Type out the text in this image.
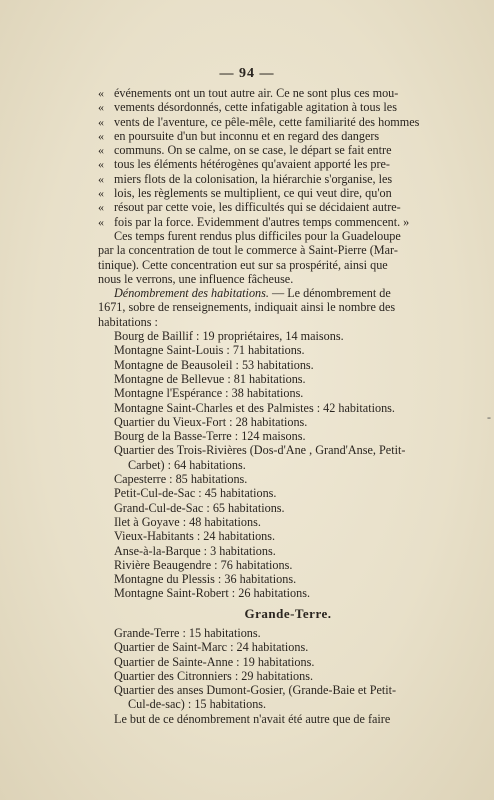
— 94 —
« événements ont un tout autre air. Ce ne sont plus ces mou-
« vements désordonnés, cette infatigable agitation à tous les
« vents de l'aventure, ce pêle-mêle, cette familiarité des hommes
« en poursuite d'un but inconnu et en regard des dangers
« communs. On se calme, on se case, le départ se fait entre
« tous les éléments hétérogènes qu'avaient apporté les pre-
« miers flots de la colonisation, la hiérarchie s'organise, les
« lois, les règlements se multiplient, ce qui veut dire, qu'on
« résout par cette voie, les difficultés qui se décidaient autre-
« fois par la force. Evidemment d'autres temps commencent. »
Ces temps furent rendus plus difficiles pour la Guadeloupe
par la concentration de tout le commerce à Saint-Pierre (Mar-
tinique). Cette concentration eut sur sa prospérité, ainsi que
nous le verrons, une influence fâcheuse.
Dénombrement des habitations. — Le dénombrement de
1671, sobre de renseignements, indiquait ainsi le nombre des
habitations :
Bourg de Baillif : 19 propriétaires, 14 maisons.
Montagne Saint-Louis : 71 habitations.
Montagne de Beausoleil : 53 habitations.
Montagne de Bellevue : 81 habitations.
Montagne l'Espérance : 38 habitations.
Montagne Saint-Charles et des Palmistes : 42 habitations.
Quartier du Vieux-Fort : 28 habitations.
Bourg de la Basse-Terre : 124 maisons.
Quartier des Trois-Rivières (Dos-d'Ane , Grand'Anse, Petit-
Carbet) : 64 habitations.
Capesterre : 85 habitations.
Petit-Cul-de-Sac : 45 habitations.
Grand-Cul-de-Sac : 65 habitations.
Ilet à Goyave : 48 habitations.
Vieux-Habitants : 24 habitations.
Anse-à-la-Barque : 3 habitations.
Rivière Beaugendre : 76 habitations.
Montagne du Plessis : 36 habitations.
Montagne Saint-Robert : 26 habitations.
Grande-Terre.
Grande-Terre : 15 habitations.
Quartier de Saint-Marc : 24 habitations.
Quartier de Sainte-Anne : 19 habitations.
Quartier des Citronniers : 29 habitations.
Quartier des anses Dumont-Gosier, (Grande-Baie et Petit-
Cul-de-sac) : 15 habitations.
Le but de ce dénombrement n'avait été autre que de faire
-
